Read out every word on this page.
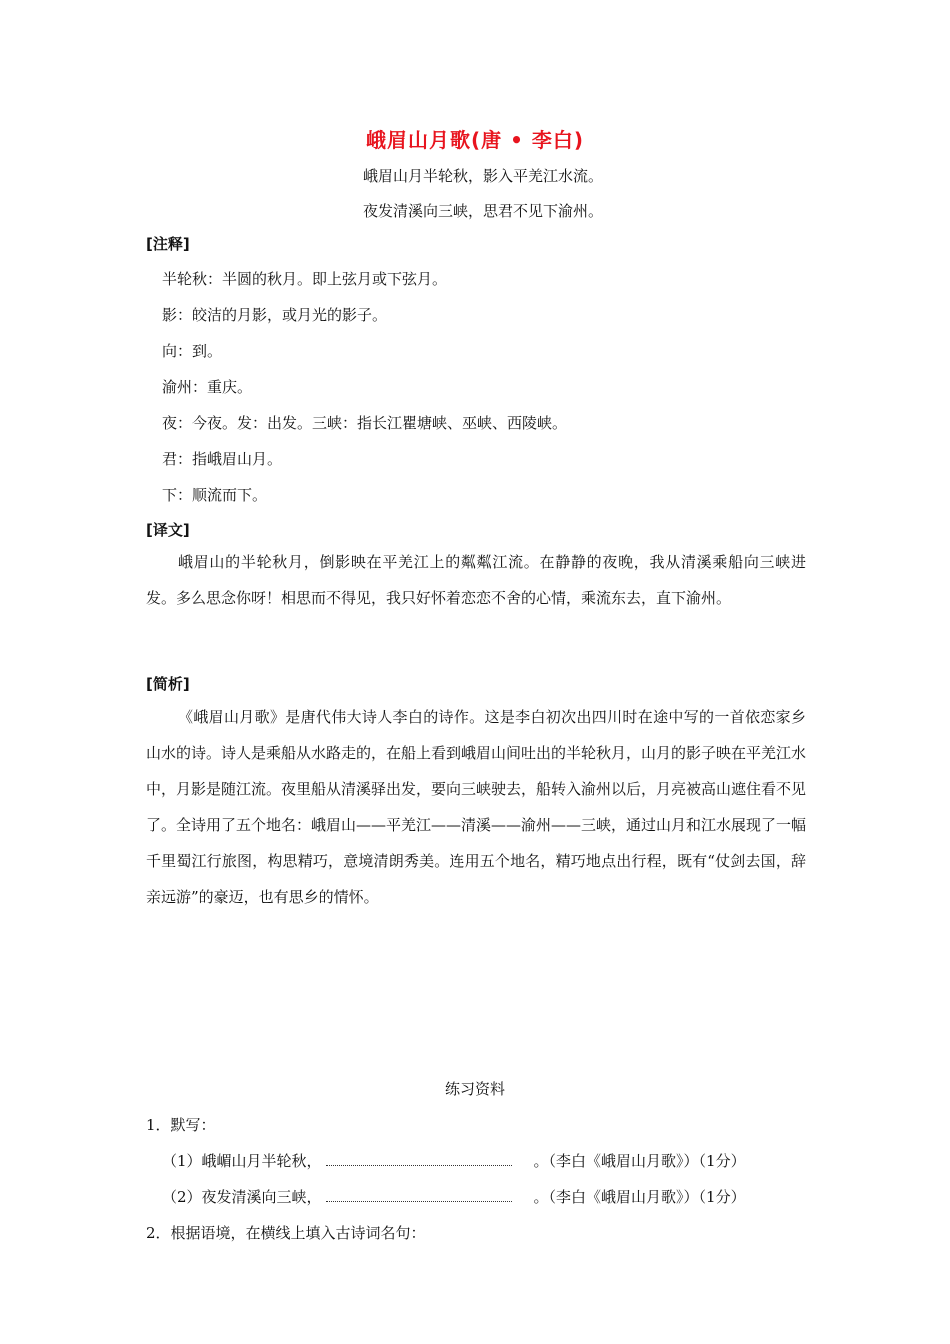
峨眉山月歌(唐 • 李白)
峨眉山月半轮秋，影入平羌江水流。
夜发清溪向三峡，思君不见下渝州。
[注释]
半轮秋：半圆的秋月。即上弦月或下弦月。
影：皎洁的月影，或月光的影子。
向：到。
渝州：重庆。
夜：今夜。发：出发。三峡：指长江瞿塘峡、巫峡、西陵峡。
君：指峨眉山月。
下：顺流而下。
[译文]

峨眉山的半轮秋月，倒影映在平羌江上的粼粼江流。在静静的夜晚，我从清溪乘船向三峡进发。多么思念你呀！相思而不得见，我只好怀着恋恋不舍的心情，乘流东去，直下渝州。

[简析]

《峨眉山月歌》是唐代伟大诗人李白的诗作。这是李白初次出四川时在途中写的一首依恋家乡山水的诗。诗人是乘船从水路走的，在船上看到峨眉山间吐出的半轮秋月，山月的影子映在平羌江水中，月影是随江流。夜里船从清溪驿出发，要向三峡驶去，船转入渝州以后，月亮被高山遮住看不见了。全诗用了五个地名：峨眉山——平羌江——清溪——渝州——三峡，通过山月和江水展现了一幅千里蜀江行旅图，构思精巧，意境清朗秀美。连用五个地名，精巧地点出行程，既有“仗剑去国，辞亲远游”的豪迈，也有思乡的情怀。

练习资料
1．默写：
（1）峨嵋山月半轮秋，	。（李白《峨眉山月歌》）（1分）
（2）夜发清溪向三峡，	。（李白《峨眉山月歌》）（1分）
2．根据语境，在横线上填入古诗词名句：
